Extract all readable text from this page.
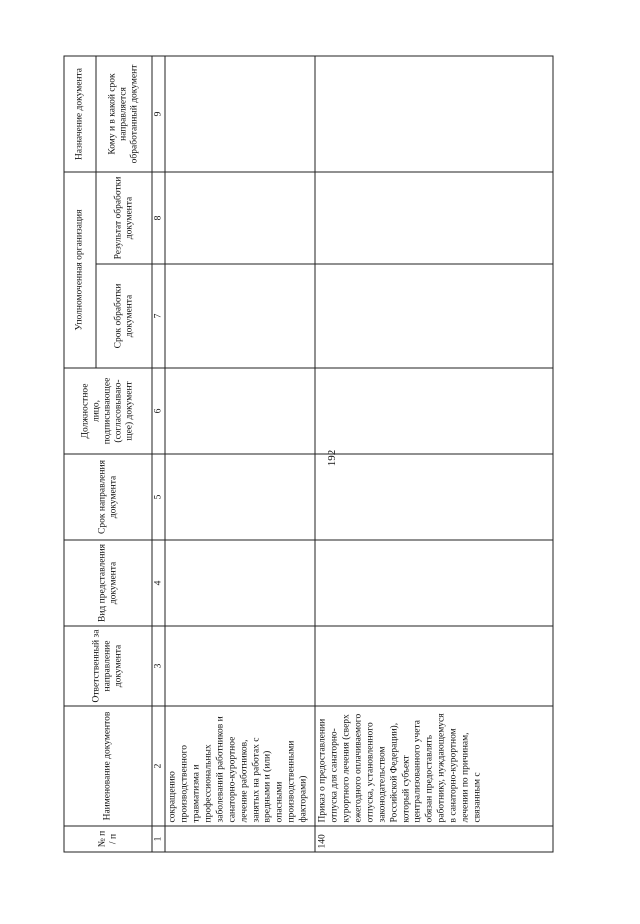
192
№ п / п	Наименование документов	Ответственный за направление документа	Вид представления документа	Срок направления документа	Должностное лицо, подписывающее (согласовываю-щее) документ	Уполномоченная организация		Назначение документа
						Срок обработки документа	Результат обработки документа	Кому и в какой срок направляется обработанный документ
1	2	3	4	5	6	7	8	9
	сокращению производственного травматизма и профессиональных заболеваний работников и санаторно-курортное лечение работников, занятых на работах с вредными и (или) опасными производственными факторами)							
140	Приказ о предоставлении отпуска для санаторно-курортного лечения (сверх ежегодного оплачиваемого отпуска, установленного законодательством Российской Федерации), который субъект централизованного учета обязан предоставлять работнику, нуждающемуся в санаторно-курортном лечении по причинам, связанным с							
